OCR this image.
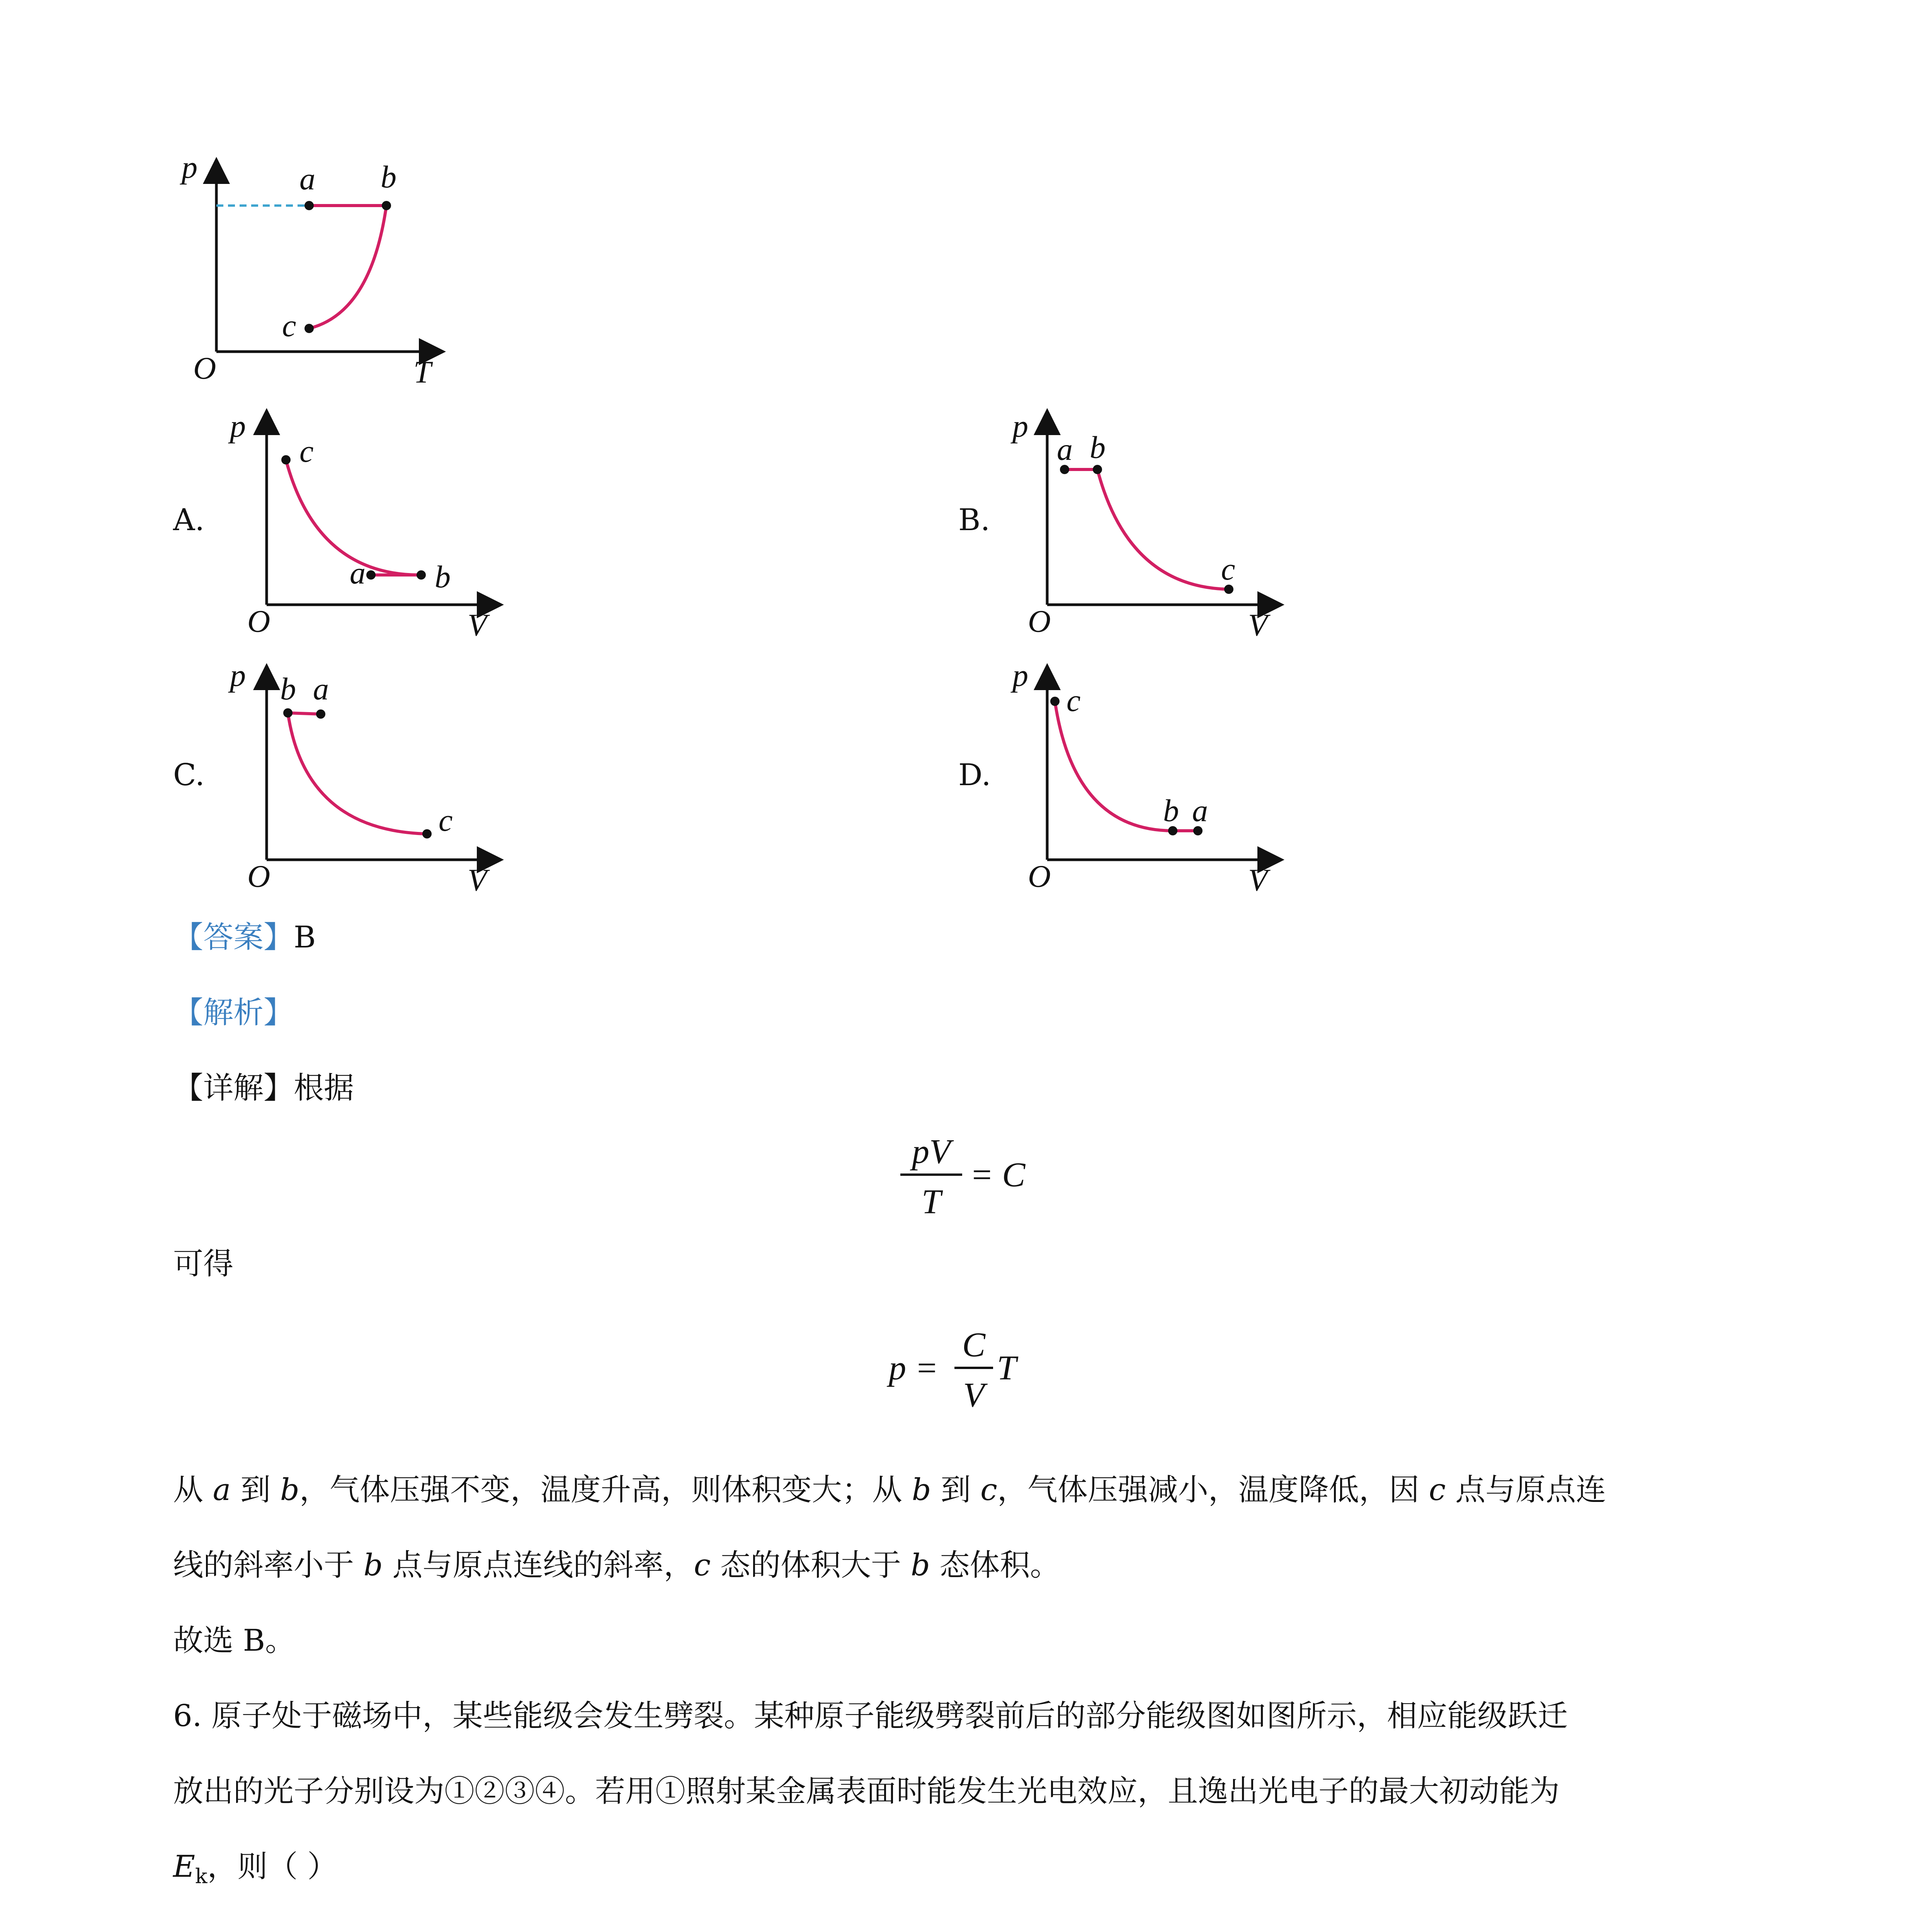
p
T
O
a b
c
A.
p
V
O
c
a b
B.
p
V
O
a b
c
C.
p
V
O
b a
c
D.
p
V
O
c
b a
【答案】B
【解析】
【详解】根据
pV
T
= C
可得
p =
C
V
T
从 a 到 b，气体压强不变，温度升高，则体积变大；从 b 到 c，气体压强减小，温度降低，因 c 点与原点连
线的斜率小于 b 点与原点连线的斜率，c 态的体积大于 b 态体积。
故选 B。
6. 原子处于磁场中，某些能级会发生劈裂。某种原子能级劈裂前后的部分能级图如图所示，相应能级跃迁
放出的光子分别设为①②③④。若用①照射某金属表面时能发生光电效应，且逸出光电子的最大初动能为
$E_k$，则（ ）
